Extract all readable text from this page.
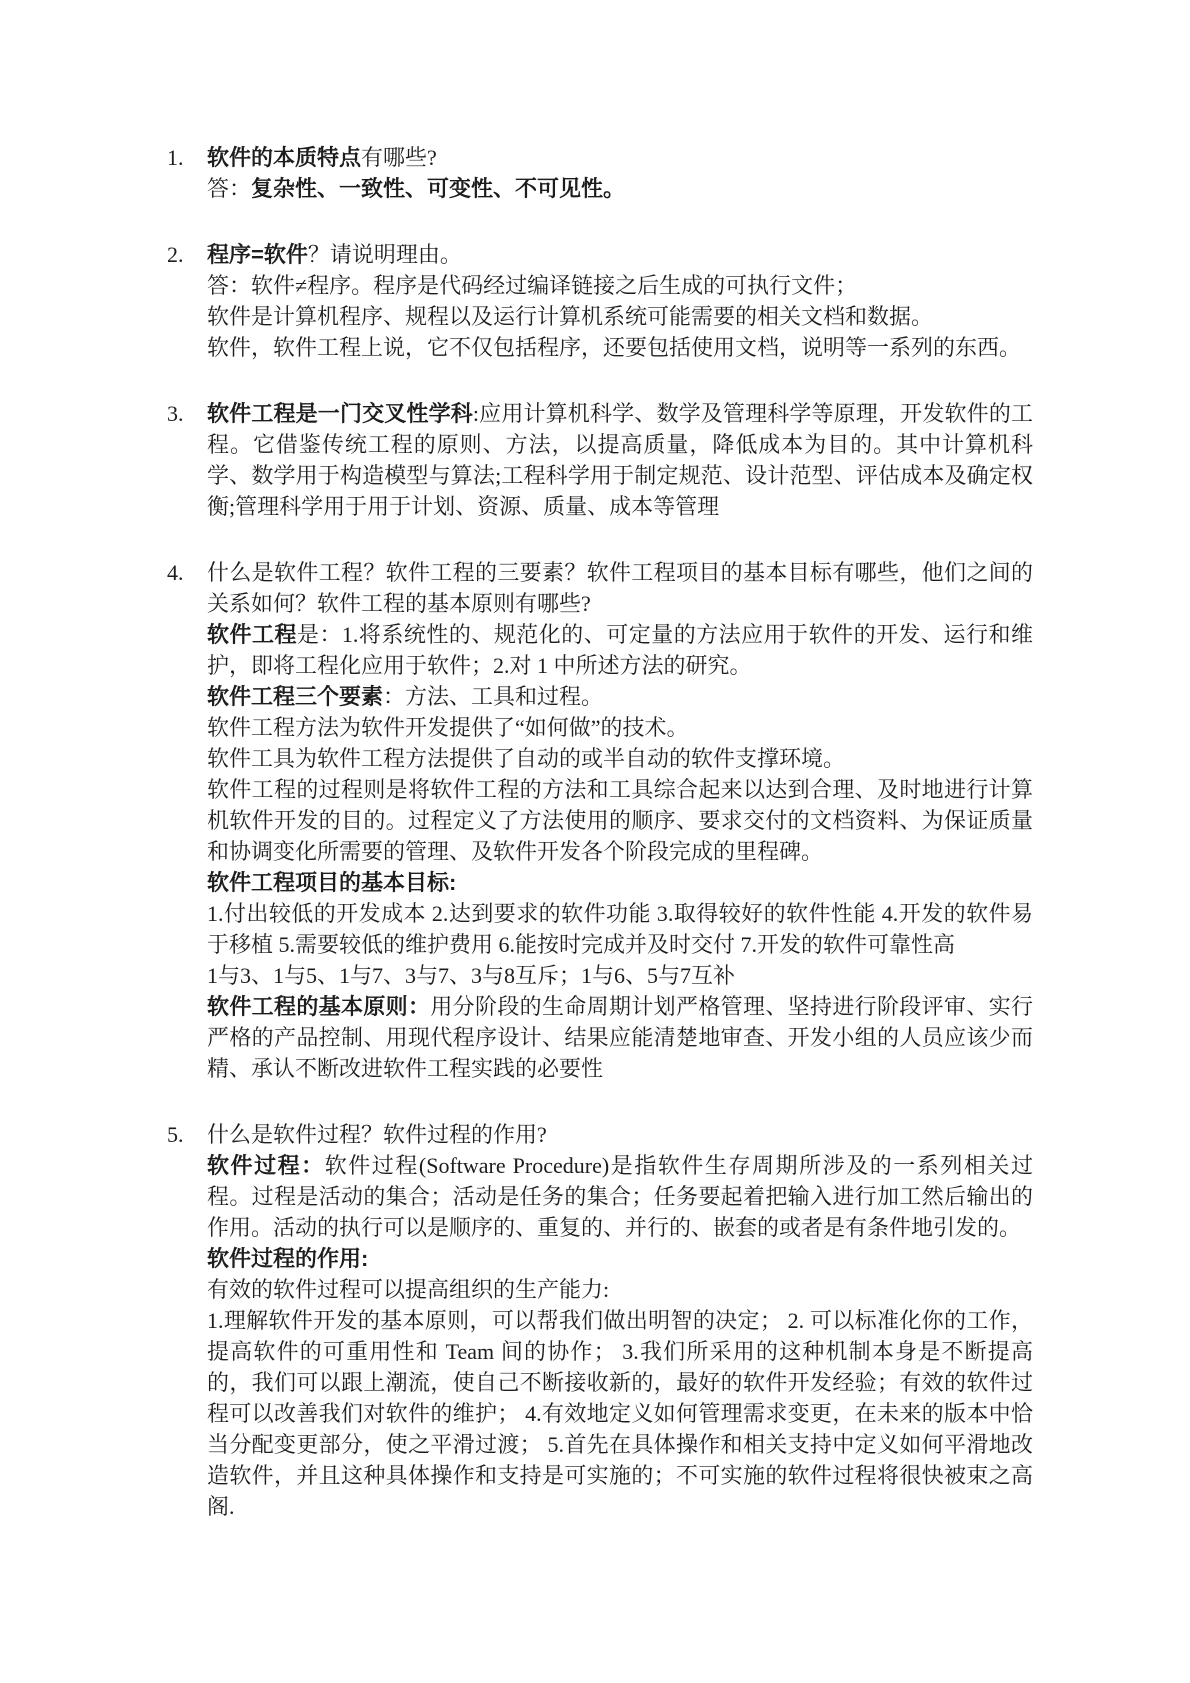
1.	软件的本质特点有哪些?

答：复杂性、一致性、可变性、不可见性。

2.	程序=软件？请说明理由。

答：软件≠程序。程序是代码经过编译链接之后生成的可执行文件；

软件是计算机程序、规程以及运行计算机系统可能需要的相关文档和数据。

软件，软件工程上说，它不仅包括程序，还要包括使用文档，说明等一系列的东西。

3.	软件工程是一门交叉性学科:应用计算机科学、数学及管理科学等原理，开发软件的工程。它借鉴传统工程的原则、方法，以提高质量，降低成本为目的。其中计算机科学、数学用于构造模型与算法;工程科学用于制定规范、设计范型、评估成本及确定权衡;管理科学用于用于计划、资源、质量、成本等管理

4.	什么是软件工程？软件工程的三要素？软件工程项目的基本目标有哪些，他们之间的关系如何？软件工程的基本原则有哪些?

软件工程是：1.将系统性的、规范化的、可定量的方法应用于软件的开发、运行和维护，即将工程化应用于软件；2.对 1 中所述方法的研究。

软件工程三个要素：方法、工具和过程。

软件工程方法为软件开发提供了“如何做”的技术。

软件工具为软件工程方法提供了自动的或半自动的软件支撑环境。

软件工程的过程则是将软件工程的方法和工具综合起来以达到合理、及时地进行计算机软件开发的目的。过程定义了方法使用的顺序、要求交付的文档资料、为保证质量和协调变化所需要的管理、及软件开发各个阶段完成的里程碑。

软件工程项目的基本目标:

1.付出较低的开发成本 2.达到要求的软件功能 3.取得较好的软件性能 4.开发的软件易于移植 5.需要较低的维护费用 6.能按时完成并及时交付 7.开发的软件可靠性高

1与3、1与5、1与7、3与7、3与8互斥；1与6、5与7互补

软件工程的基本原则：用分阶段的生命周期计划严格管理、坚持进行阶段评审、实行严格的产品控制、用现代程序设计、结果应能清楚地审查、开发小组的人员应该少而精、承认不断改进软件工程实践的必要性

5.	什么是软件过程？软件过程的作用?

软件过程：软件过程(Software Procedure)是指软件生存周期所涉及的一系列相关过程。过程是活动的集合；活动是任务的集合；任务要起着把输入进行加工然后输出的作用。活动的执行可以是顺序的、重复的、并行的、嵌套的或者是有条件地引发的。

软件过程的作用:

有效的软件过程可以提高组织的生产能力:

1.理解软件开发的基本原则，可以帮我们做出明智的决定； 2. 可以标准化你的工作，提高软件的可重用性和 Team 间的协作； 3.我们所采用的这种机制本身是不断提高的，我们可以跟上潮流，使自己不断接收新的，最好的软件开发经验；有效的软件过程可以改善我们对软件的维护； 4.有效地定义如何管理需求变更，在未来的版本中恰当分配变更部分，使之平滑过渡； 5.首先在具体操作和相关支持中定义如何平滑地改造软件，并且这种具体操作和支持是可实施的；不可实施的软件过程将很快被束之高阁.
